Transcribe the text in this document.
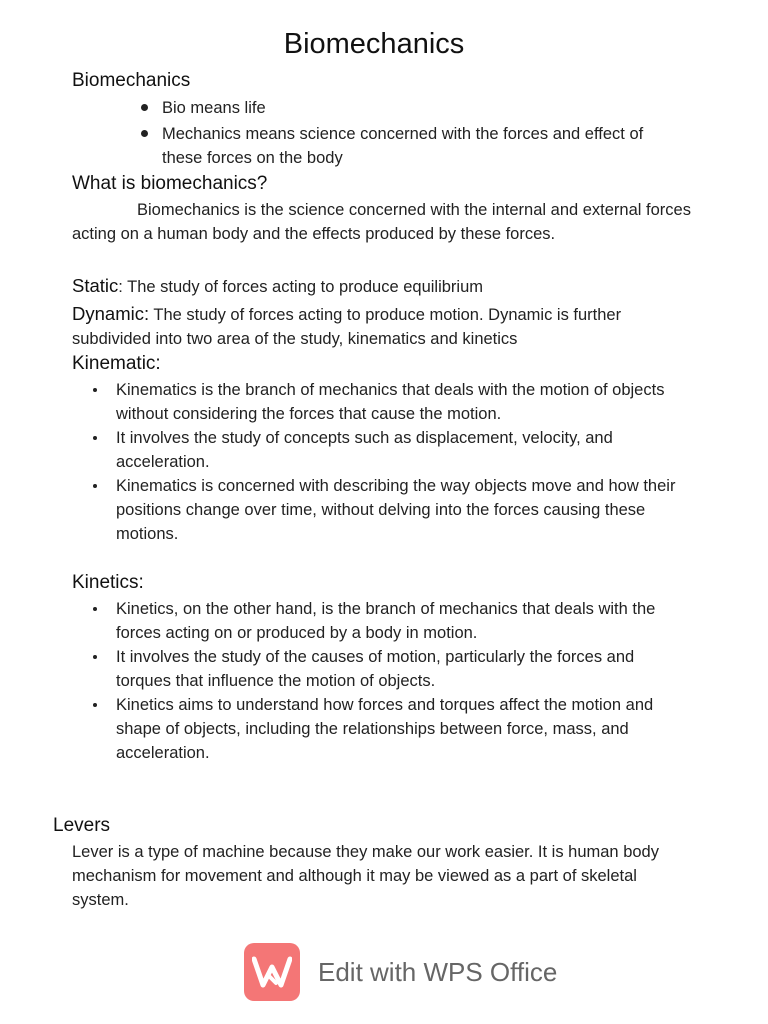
Biomechanics
Biomechanics
Bio means life
Mechanics means science concerned with the forces and effect of these forces on the body
What is biomechanics?
Biomechanics is the science concerned with the internal and external forces acting on a human body and the effects produced by these forces.
Static: The study of forces acting to produce equilibrium
Dynamic: The study of forces acting to produce motion. Dynamic is further subdivided into two area of the study, kinematics and kinetics
Kinematic:
Kinematics is the branch of mechanics that deals with the motion of objects without considering the forces that cause the motion.
It involves the study of concepts such as displacement, velocity, and acceleration.
Kinematics is concerned with describing the way objects move and how their positions change over time, without delving into the forces causing these motions.
Kinetics:
Kinetics, on the other hand, is the branch of mechanics that deals with the forces acting on or produced by a body in motion.
It involves the study of the causes of motion, particularly the forces and torques that influence the motion of objects.
Kinetics aims to understand how forces and torques affect the motion and shape of objects, including the relationships between force, mass, and acceleration.
Levers
Lever is a type of machine because they make our work easier. It is human body mechanism for movement and although it may be viewed as a part of skeletal system.
Edit with WPS Office
